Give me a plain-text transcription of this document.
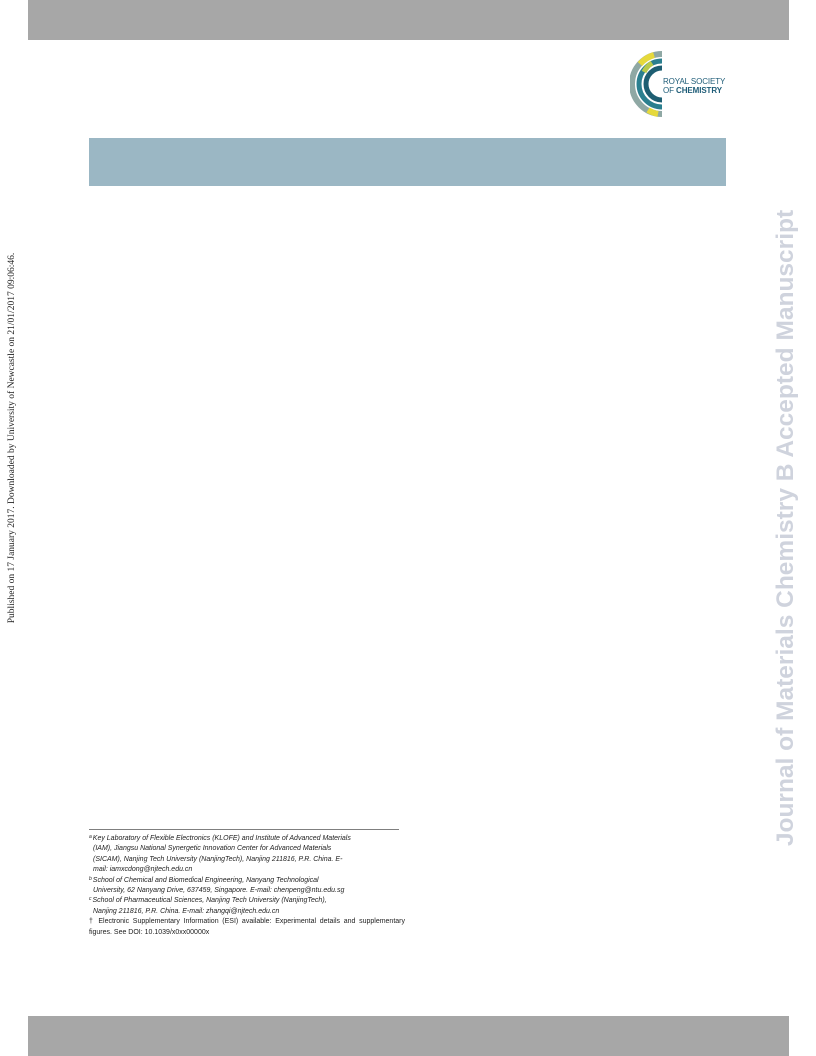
ROYAL SOCIETY
OF CHEMISTRY
Published on 17 January 2017. Downloaded by University of Newcastle on 21/01/2017 09:06:46.	Journal of Materials Chemistry B Accepted Manuscript
$^a$Key Laboratory of Flexible Electronics (KLOFE) and Institute of Advanced Materials
(IAM), Jiangsu National Synergetic Innovation Center for Advanced Materials
(SICAM), Nanjing Tech University (NanjingTech), Nanjing 211816, P.R. China. E-
mail: iamxcdong@njtech.edu.cn
$^b$School of Chemical and Biomedical Engineering, Nanyang Technological
University, 62 Nanyang Drive, 637459, Singapore. E-mail: chenpeng@ntu.edu.sg
$^c$School of Pharmaceutical Sciences, Nanjing Tech University (NanjingTech),
Nanjing 211816, P.R. China. E-mail: zhangqi@njtech.edu.cn
† Electronic Supplementary Information (ESI) available: Experimental details and supplementary figures. See DOI: 10.1039/x0xx00000x
